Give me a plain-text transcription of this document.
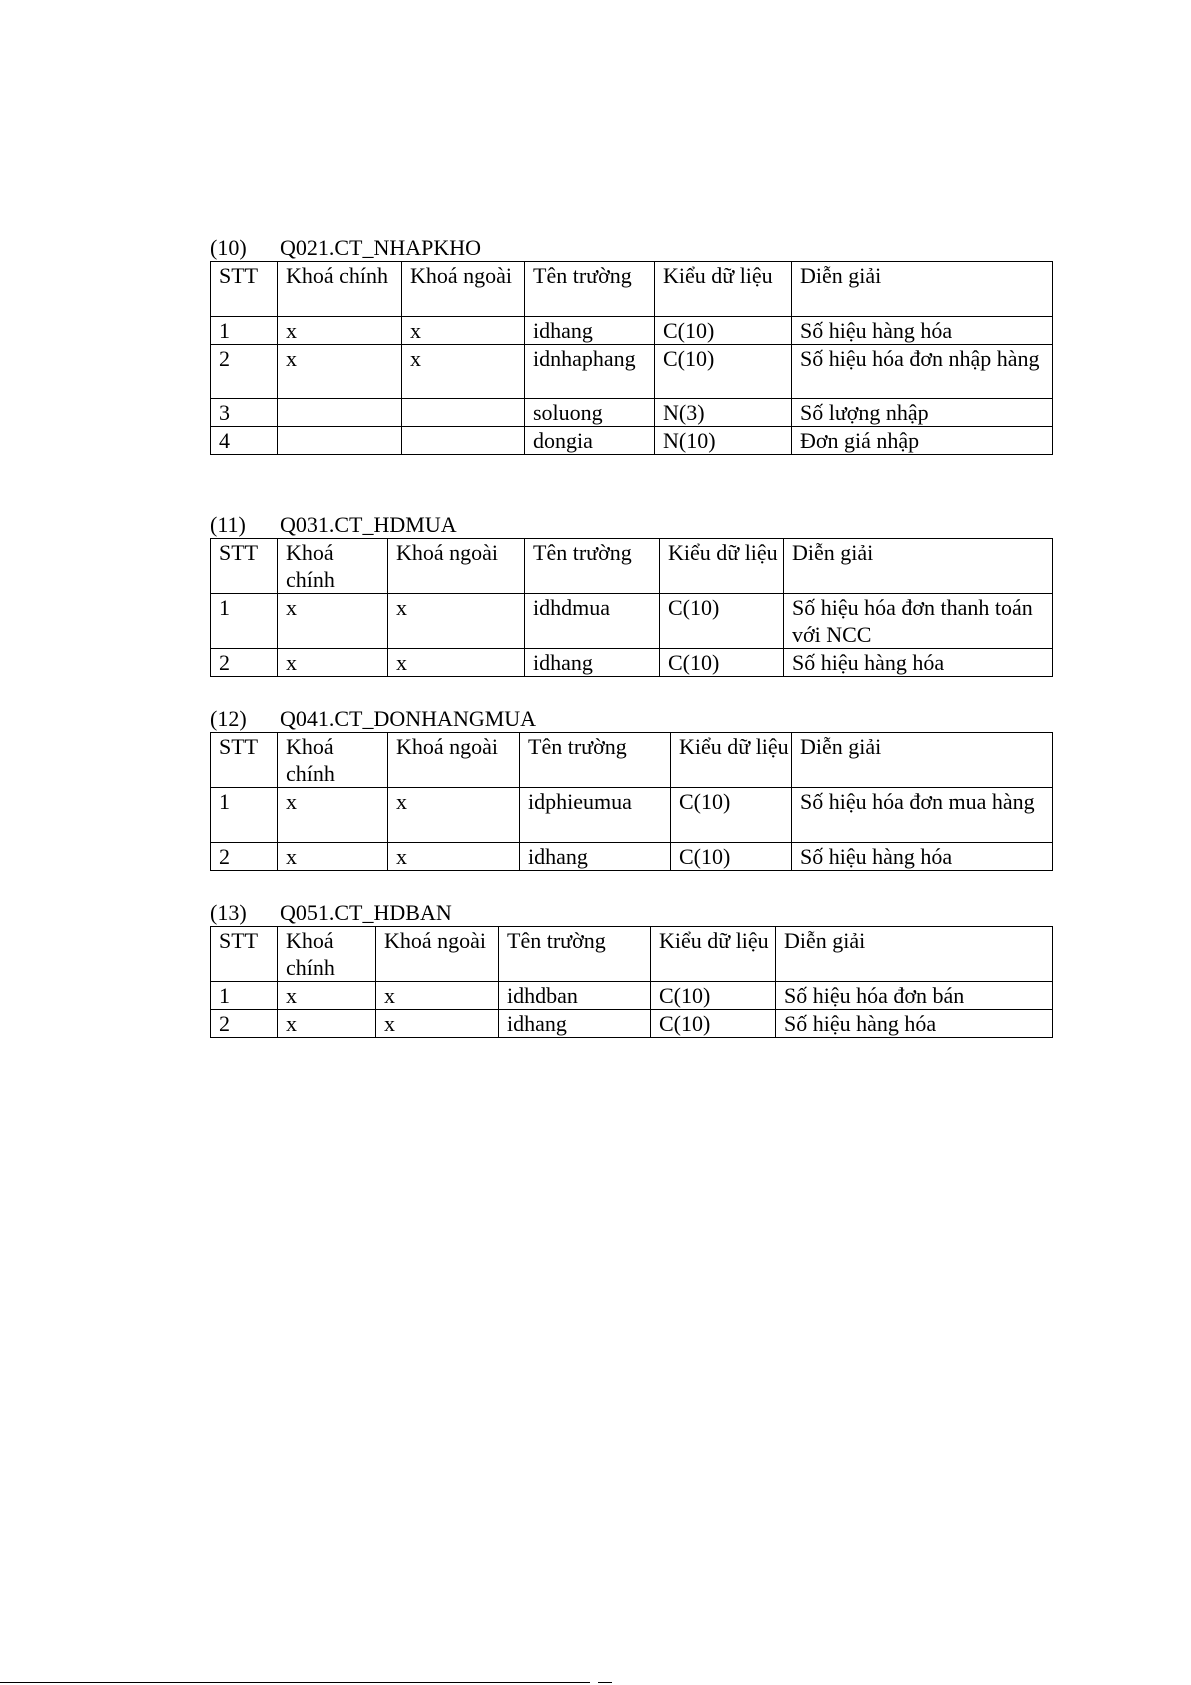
(10) Q021.CT_NHAPKHO
STT	Khoá chính	Khoá ngoài	Tên trường	Kiểu dữ liệu	Diễn giải
1	x	x	idhang	C(10)	Số hiệu hàng hóa
2	x	x	idnhaphang	C(10)	Số hiệu hóa đơn nhập hàng
3			soluong	N(3)	Số lượng nhập
4			dongia	N(10)	Đơn giá nhập
(11) Q031.CT_HDMUA
STT	Khoá chính	Khoá ngoài	Tên trường	Kiểu dữ liệu	Diễn giải
1	x	x	idhdmua	C(10)	Số hiệu hóa đơn thanh toán với NCC
2	x	x	idhang	C(10)	Số hiệu hàng hóa
(12) Q041.CT_DONHANGMUA
STT	Khoá chính	Khoá ngoài	Tên trường	Kiểu dữ liệu	Diễn giải
1	x	x	idphieumua	C(10)	Số hiệu hóa đơn mua hàng
2	x	x	idhang	C(10)	Số hiệu hàng hóa
(13) Q051.CT_HDBAN
STT	Khoá chính	Khoá ngoài	Tên trường	Kiểu dữ liệu	Diễn giải
1	x	x	idhdban	C(10)	Số hiệu hóa đơn bán
2	x	x	idhang	C(10)	Số hiệu hàng hóa
